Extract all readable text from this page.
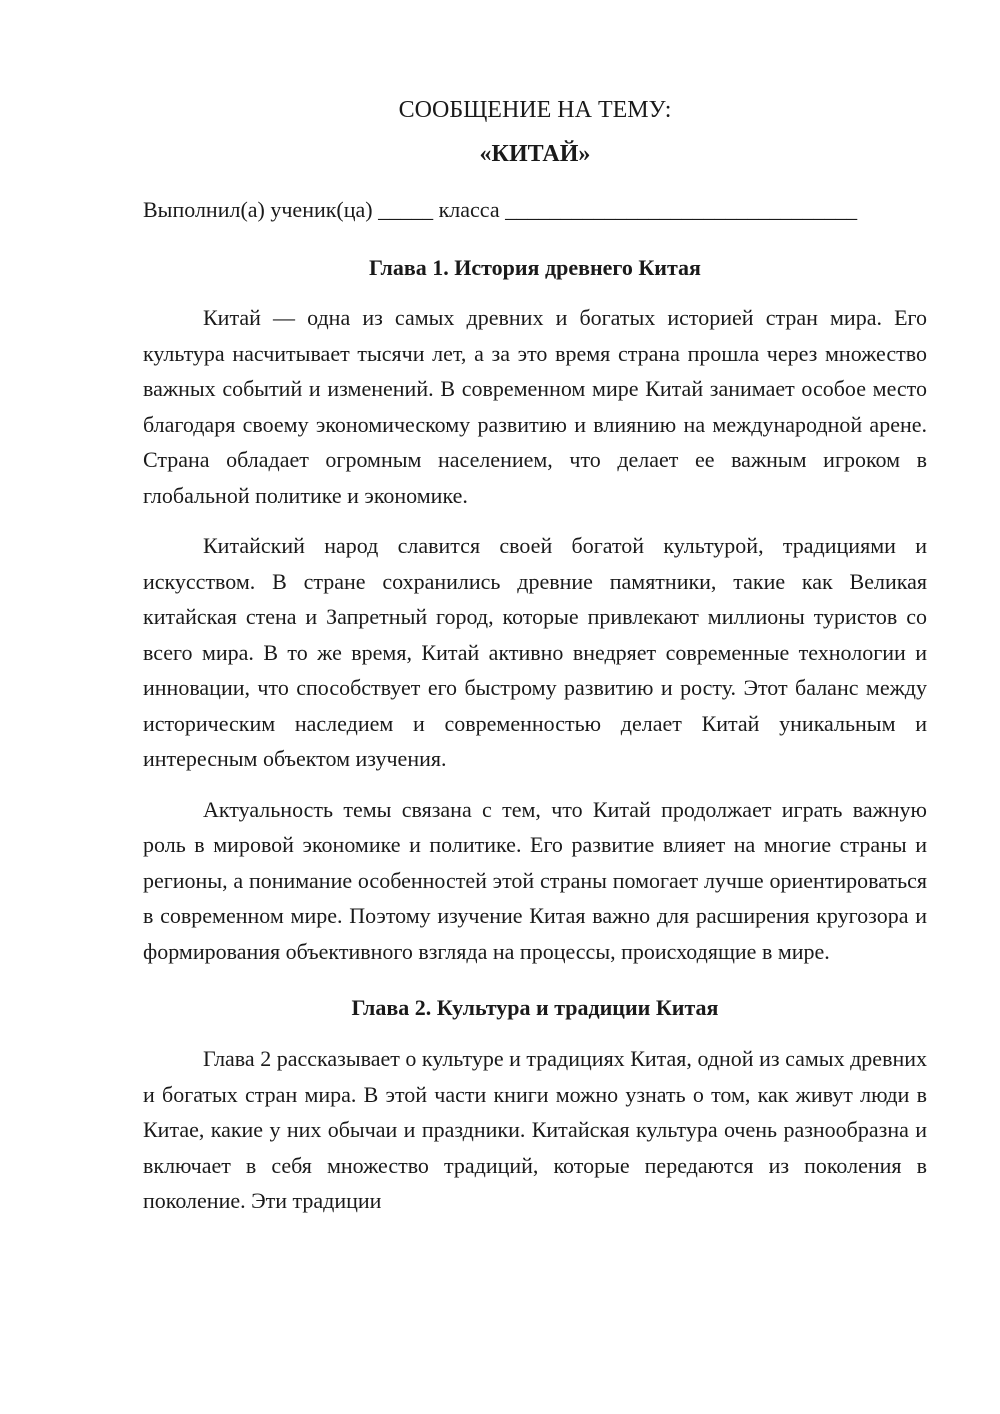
СООБЩЕНИЕ НА ТЕМУ:

«КИТАЙ»

Выполнил(а) ученик(ца) _____ класса ________________________________

Глава 1. История древнего Китая

Китай — одна из самых древних и богатых историей стран мира. Его культура насчитывает тысячи лет, а за это время страна прошла через множество важных событий и изменений. В современном мире Китай занимает особое место благодаря своему экономическому развитию и влиянию на международной арене. Страна обладает огромным населением, что делает ее важным игроком в глобальной политике и экономике.

Китайский народ славится своей богатой культурой, традициями и искусством. В стране сохранились древние памятники, такие как Великая китайская стена и Запретный город, которые привлекают миллионы туристов со всего мира. В то же время, Китай активно внедряет современные технологии и инновации, что способствует его быстрому развитию и росту. Этот баланс между историческим наследием и современностью делает Китай уникальным и интересным объектом изучения.

Актуальность темы связана с тем, что Китай продолжает играть важную роль в мировой экономике и политике. Его развитие влияет на многие страны и регионы, а понимание особенностей этой страны помогает лучше ориентироваться в современном мире. Поэтому изучение Китая важно для расширения кругозора и формирования объективного взгляда на процессы, происходящие в мире.

Глава 2. Культура и традиции Китая

Глава 2 рассказывает о культуре и традициях Китая, одной из самых древних и богатых стран мира. В этой части книги можно узнать о том, как живут люди в Китае, какие у них обычаи и праздники. Китайская культура очень разнообразна и включает в себя множество традиций, которые передаются из поколения в поколение. Эти традиции
